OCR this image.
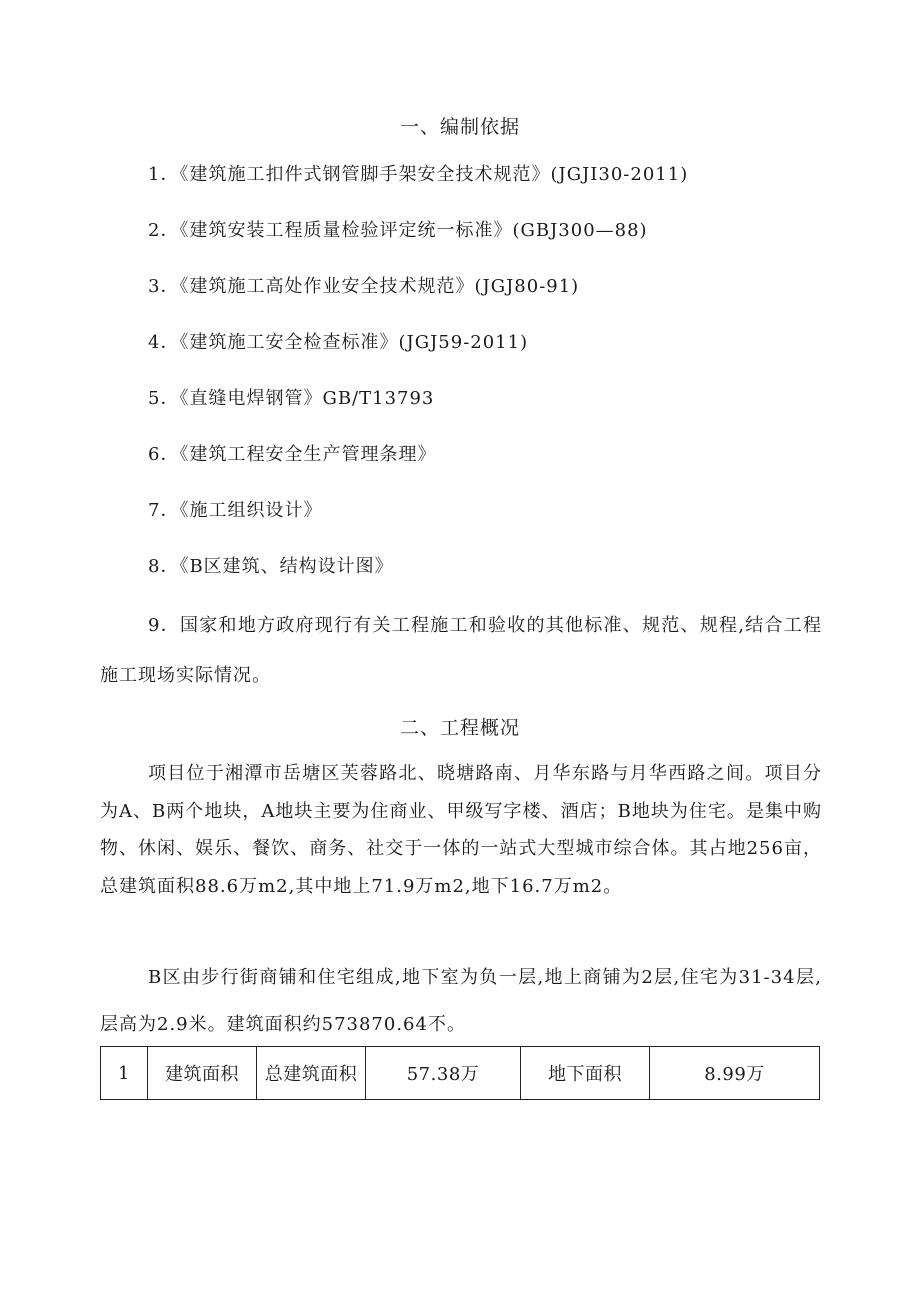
一、编制依据
1．《建筑施工扣件式钢管脚手架安全技术规范》(JGJI30-2011)
2．《建筑安装工程质量检验评定统一标准》(GBJ300—88)
3．《建筑施工高处作业安全技术规范》(JGJ80-91)
4．《建筑施工安全检查标准》(JGJ59-2011)
5．《直缝电焊钢管》GB/T13793
6．《建筑工程安全生产管理条理》
7．《施工组织设计》
8．《B区建筑、结构设计图》
9．国家和地方政府现行有关工程施工和验收的其他标准、规范、规程,结合工程施工现场实际情况。
二、工程概况
项目位于湘潭市岳塘区芙蓉路北、晓塘路南、月华东路与月华西路之间。项目分为A、B两个地块，A地块主要为住商业、甲级写字楼、酒店；B地块为住宅。是集中购物、休闲、娱乐、餐饮、商务、社交于一体的一站式大型城市综合体。其占地256亩，总建筑面积88.6万m2,其中地上71.9万m2,地下16.7万m2。
B区由步行街商铺和住宅组成,地下室为负一层,地上商铺为2层,住宅为31-34层,层高为2.9米。建筑面积约573870.64不。
1	建筑面积	总建筑面积	57.38万	地下面积	8.99万
